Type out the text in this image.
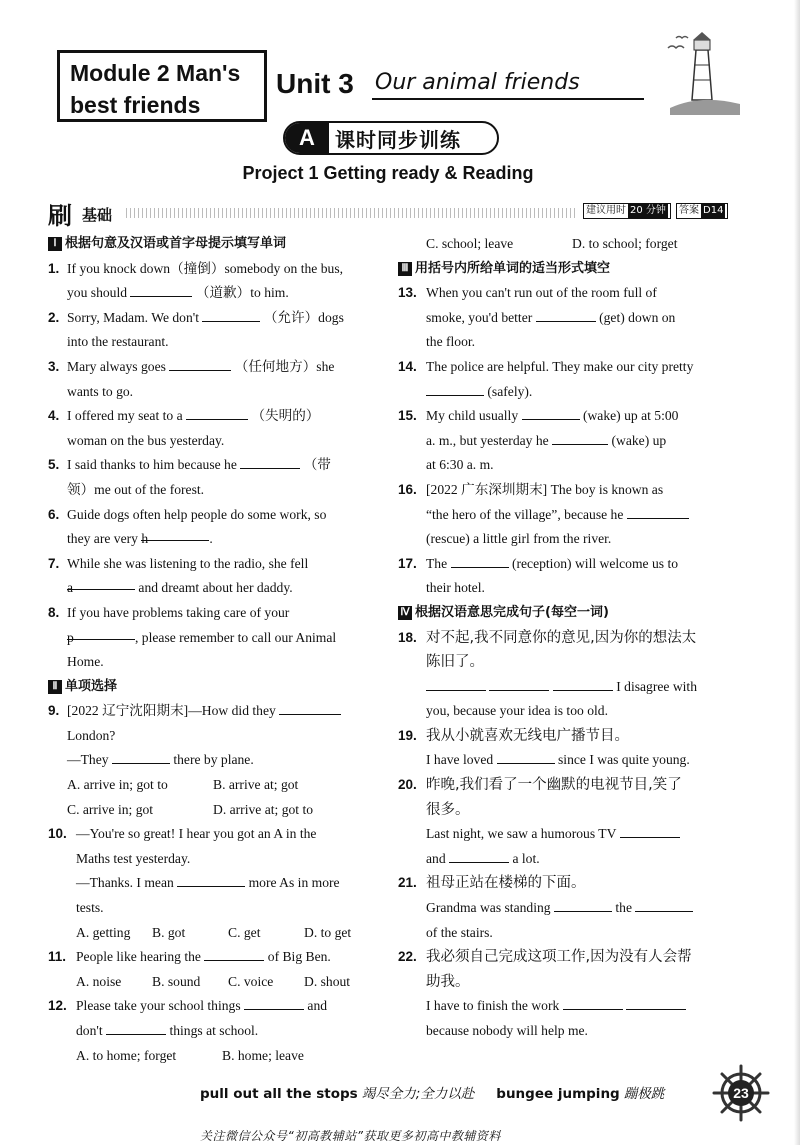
Module 2 Man's
best friends
Unit 3 Our animal friends
A	课时同步训练
Project 1 Getting ready & Reading
刷 基础	建议用时 20 分钟 答案 D14
Ⅰ 根据句意及汉语或首字母提示填写单词
1. If you knock down（撞倒）somebody on the bus,
you should	（道歉）to him.
2. Sorry, Madam. We don't	（允许）dogs
into the restaurant.
3. Mary always goes	（任何地方）she
wants to go.
4. I offered my seat to a	（失明的）
woman on the bus yesterday.
5. I said thanks to him because he	（带
领）me out of the forest.
6. Guide dogs often help people do some work, so
they are very h	.
7. While she was listening to the radio, she fell
a	and dreamt about her daddy.
8. If you have problems taking care of your
p	, please remember to call our Animal
Home.
Ⅱ 单项选择
9. [2022 辽宁沈阳期末]—How did they
London?
—They	there by plane.
A. arrive in; got to	B. arrive at; got
C. arrive in; got	D. arrive at; got to
10. —You're so great! I hear you got an A in the
Maths test yesterday.
—Thanks. I mean	more As in more
tests.
A. getting	B. got	C. get	D. to get
11. People like hearing the	of Big Ben.
A. noise	B. sound	C. voice	D. shout
12. Please take your school things	and
don't	things at school.
A. to home; forget	B. home; leave
C. school; leave	D. to school; forget
Ⅲ 用括号内所给单词的适当形式填空
13. When you can't run out of the room full of
smoke, you'd better	(get) down on
the floor.
14. The police are helpful. They make our city pretty
(safely).
15. My child usually	(wake) up at 5:00
a. m., but yesterday he	(wake) up
at 6:30 a. m.
16. [2022 广东深圳期末] The boy is known as
“the hero of the village”, because he
(rescue) a little girl from the river.
17. The	(reception) will welcome us to
their hotel.
Ⅳ 根据汉语意思完成句子(每空一词)
18. 对不起,我不同意你的意见,因为你的想法太
陈旧了。
I disagree with
you, because your idea is too old.
19. 我从小就喜欢无线电广播节目。
I have loved	since I was quite young.
20. 昨晚,我们看了一个幽默的电视节目,笑了
很多。
Last night, we saw a humorous TV
and	a lot.
21. 祖母正站在楼梯的下面。
Grandma was standing	the
of the stairs.
22. 我必须自己完成这项工作,因为没有人会帮
助我。
I have to finish the work
because nobody will help me.
pull out all the stops 竭尽全力;全力以赴 bungee jumping 蹦极跳	23
关注微信公众号“初高教辅站”获取更多初高中教辅资料
